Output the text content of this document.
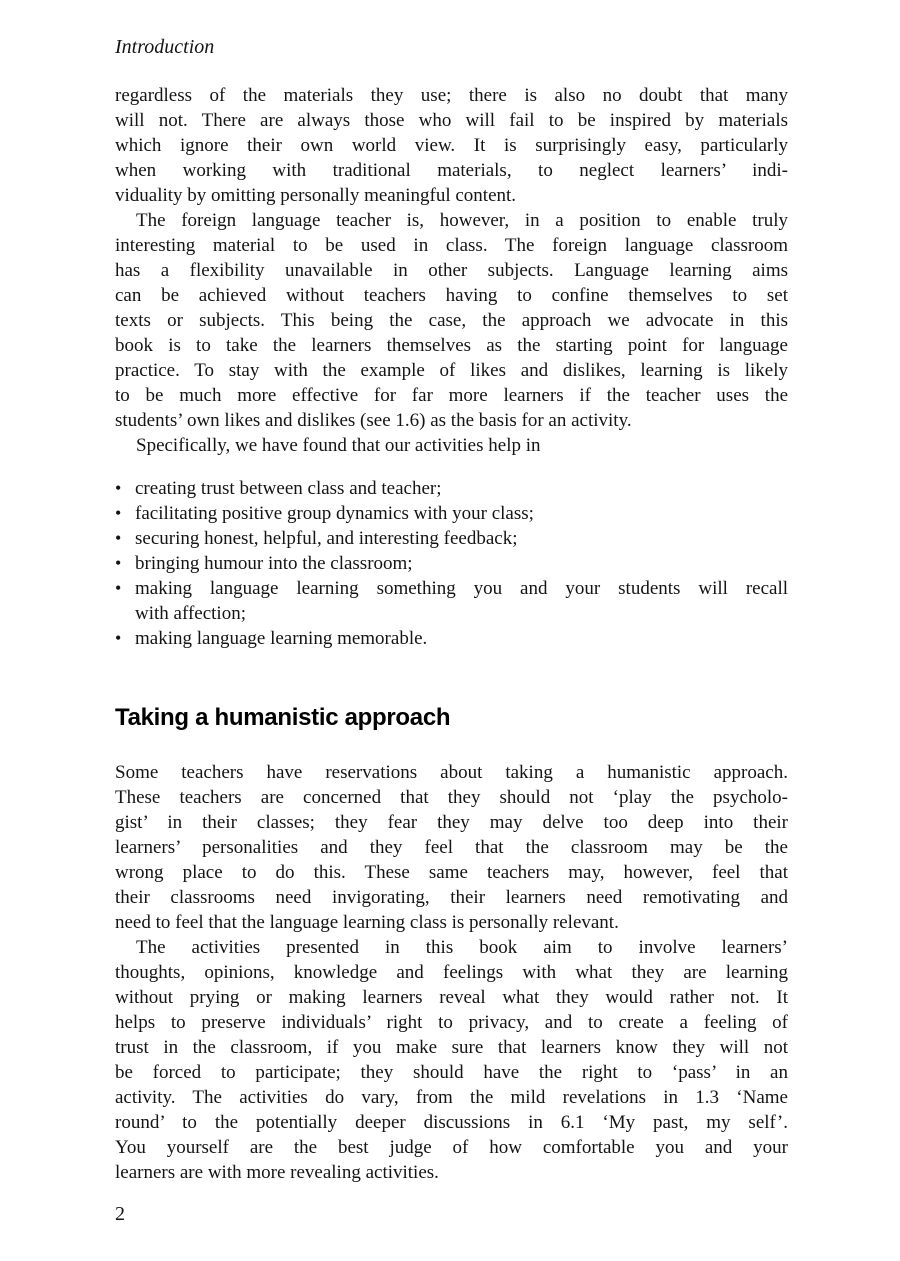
Introduction
regardless of the materials they use; there is also no doubt that many
will not. There are always those who will fail to be inspired by materials
which ignore their own world view. It is surprisingly easy, particularly
when working with traditional materials, to neglect learners’ indi-
viduality by omitting personally meaningful content.
The foreign language teacher is, however, in a position to enable truly
interesting material to be used in class. The foreign language classroom
has a flexibility unavailable in other subjects. Language learning aims
can be achieved without teachers having to confine themselves to set
texts or subjects. This being the case, the approach we advocate in this
book is to take the learners themselves as the starting point for language
practice. To stay with the example of likes and dislikes, learning is likely
to be much more effective for far more learners if the teacher uses the
students’ own likes and dislikes (see 1.6) as the basis for an activity.
Specifically, we have found that our activities help in
• creating trust between class and teacher;
• facilitating positive group dynamics with your class;
• securing honest, helpful, and interesting feedback;
• bringing humour into the classroom;
• making language learning something you and your students will recall
with affection;
• making language learning memorable.
Taking a humanistic approach
Some teachers have reservations about taking a humanistic approach.
These teachers are concerned that they should not ‘play the psycholo-
gist’ in their classes; they fear they may delve too deep into their
learners’ personalities and they feel that the classroom may be the
wrong place to do this. These same teachers may, however, feel that
their classrooms need invigorating, their learners need remotivating and
need to feel that the language learning class is personally relevant.
The activities presented in this book aim to involve learners’
thoughts, opinions, knowledge and feelings with what they are learning
without prying or making learners reveal what they would rather not. It
helps to preserve individuals’ right to privacy, and to create a feeling of
trust in the classroom, if you make sure that learners know they will not
be forced to participate; they should have the right to ‘pass’ in an
activity. The activities do vary, from the mild revelations in 1.3 ‘Name
round’ to the potentially deeper discussions in 6.1 ‘My past, my self’.
You yourself are the best judge of how comfortable you and your
learners are with more revealing activities.
2
